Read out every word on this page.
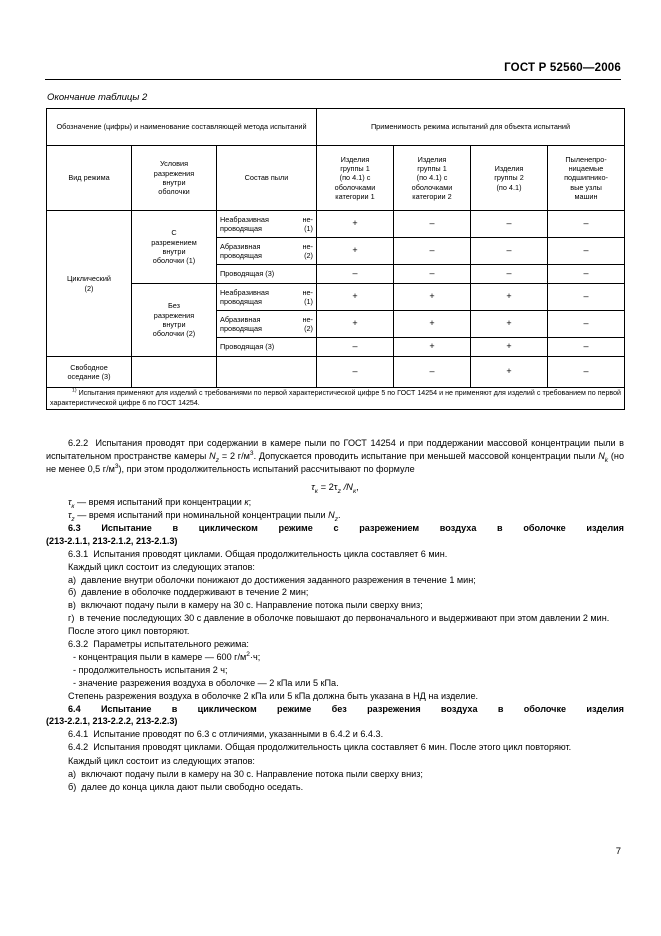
ГОСТ Р 52560—2006
Окончание таблицы 2
Обозначение (цифры) и наименование составляющей метода испытаний			Применимость режима испытаний для объекта испытаний			
Вид режима	Условия
разрежения
внутри
оболочки	Состав пыли	Изделия
группы 1
(по 4.1) с
оболочками
категории 1	Изделия
группы 1
(по 4.1) с
оболочками
категории 2	Изделия
группы 2
(по 4.1)	Пыленепро-
ницаемые
подшипнико-
вые узлы
машин
Циклический
(2)	С
разрежением
внутри
оболочки (1)	Неабразивная не-
проводящая (1)	+	–	–	–
		Абразивная не-
проводящая (2)	+	–	–	–
		Проводящая (3)	–	–	–	–
	Без
разрежения
внутри
оболочки (2)	Неабразивная не-
проводящая (1)	+	+	+	–
		Абразивная не-
проводящая (2)	+	+	+	–
		Проводящая (3)	–	+	+	–
Свободное
оседание (3)			–	–	+	–
$^{1)}$ Испытания применяют для изделий с требованиями по первой характеристической цифре 5 по ГОСТ 14254 и не применяют для изделий с требованием по первой характеристической цифре 6 по ГОСТ 14254.						
6.2.2 Испытания проводят при содержании в камере пыли по ГОСТ 14254 и при поддержании массовой концентрации пыли в испытательном пространстве камеры $N_z = 2$ $г/м^3$. Допускается проводить испытание при меньшей массовой концентрации пыли $N_k$ (но не менее 0,5 $г/м^3$), при этом продолжительность испытаний рассчитывают по формуле
$\tau_к = 2\tau_z$ $/N_к$,
$\tau_к$ — время испытаний при концентрации к;
$\tau_z$ — время испытаний при номинальной концентрации пыли $N_z$.
6.3 Испытание в циклическом режиме с разрежением воздуха в оболочке изделия
(213-2.1.1, 213-2.1.2, 213-2.1.3)
6.3.1 Испытания проводят циклами. Общая продолжительность цикла составляет 6 мин.
Каждый цикл состоит из следующих этапов:
а) давление внутри оболочки понижают до достижения заданного разрежения в течение 1 мин;
б) давление в оболочке поддерживают в течение 2 мин;
в) включают подачу пыли в камеру на 30 с. Направление потока пыли сверху вниз;
г) в течение последующих 30 с давление в оболочке повышают до первоначального и выдерживают при этом давлении 2 мин.
После этого цикл повторяют.
6.3.2 Параметры испытательного режима:
- концентрация пыли в камере — 600 $г/м^2\cdot ч$;
- продолжительность испытания 2 ч;
- значение разрежения воздуха в оболочке — 2 кПа или 5 кПа.
Степень разрежения воздуха в оболочке 2 кПа или 5 кПа должна быть указана в НД на изделие.
6.4 Испытание в циклическом режиме без разрежения воздуха в оболочке изделия
(213-2.2.1, 213-2.2.2, 213-2.2.3)
6.4.1 Испытание проводят по 6.3 с отличиями, указанными в 6.4.2 и 6.4.3.
6.4.2 Испытания проводят циклами. Общая продолжительность цикла составляет 6 мин. После этого цикл повторяют.
Каждый цикл состоит из следующих этапов:
а) включают подачу пыли в камеру на 30 с. Направление потока пыли сверху вниз;
б) далее до конца цикла дают пыли свободно оседать.
7
